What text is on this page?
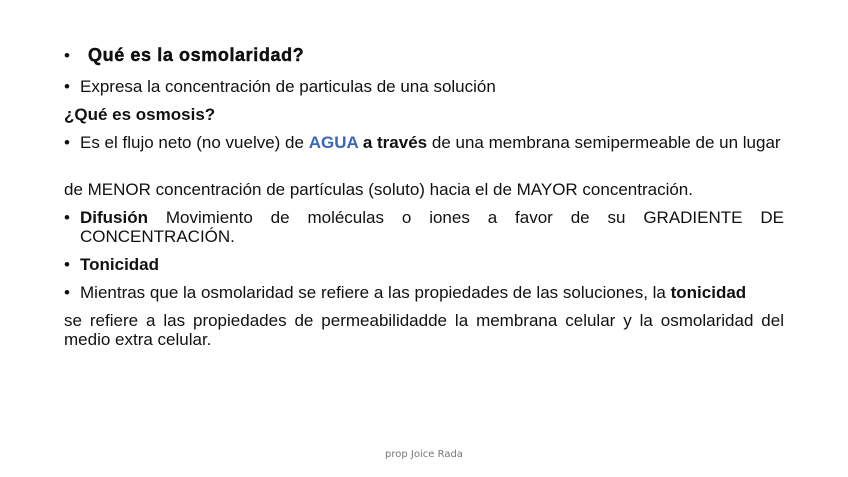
•	Qué es la osmolaridad?
• Expresa la concentración de particulas de una solución
¿Qué es osmosis?
• Es el flujo neto (no vuelve) de AGUA a través de una membrana semipermeable de un lugar
de MENOR concentración de partículas (soluto) hacia el de MAYOR concentración.
• Difusión Movimiento de moléculas o iones a favor de su GRADIENTE DE CONCENTRACIÓN.
• Tonicidad
• Mientras que la osmolaridad se refiere a las propiedades de las soluciones, la tonicidad
se refiere a las propiedades de permeabilidadde la membrana celular y la osmolaridad del medio extra celular.
prop Joice Rada
